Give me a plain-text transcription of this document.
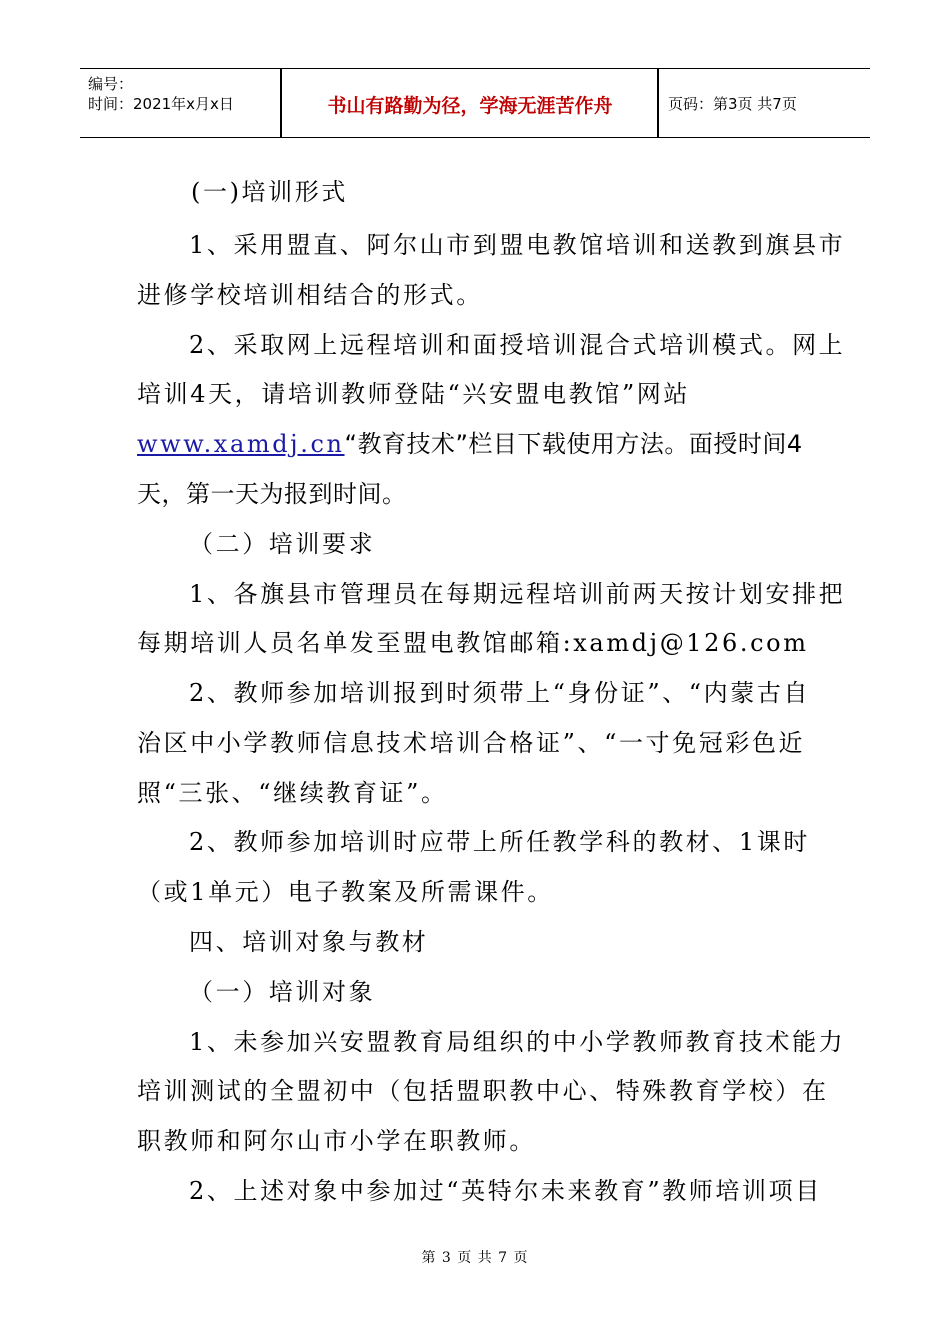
编号：
时间：2021年x月x日	书山有路勤为径，学海无涯苦作舟	页码：第3页 共7页
(一)培训形式
1、采用盟直、阿尔山市到盟电教馆培训和送教到旗县市
进修学校培训相结合的形式。
2、采取网上远程培训和面授培训混合式培训模式。网上
培训4天，请培训教师登陆“兴安盟电教馆”网站
www.xamdj.cn“教育技术”栏目下载使用方法。面授时间4
天，第一天为报到时间。
（二）培训要求
1、各旗县市管理员在每期远程培训前两天按计划安排把
每期培训人员名单发至盟电教馆邮箱:xamdj@126.com
2、教师参加培训报到时须带上“身份证”、“内蒙古自
治区中小学教师信息技术培训合格证”、“一寸免冠彩色近
照“三张、“继续教育证”。
2、教师参加培训时应带上所任教学科的教材、1课时
（或1单元）电子教案及所需课件。
四、培训对象与教材
（一）培训对象
1、未参加兴安盟教育局组织的中小学教师教育技术能力
培训测试的全盟初中（包括盟职教中心、特殊教育学校）在
职教师和阿尔山市小学在职教师。
2、上述对象中参加过“英特尔未来教育”教师培训项目
第 3 页 共 7 页
